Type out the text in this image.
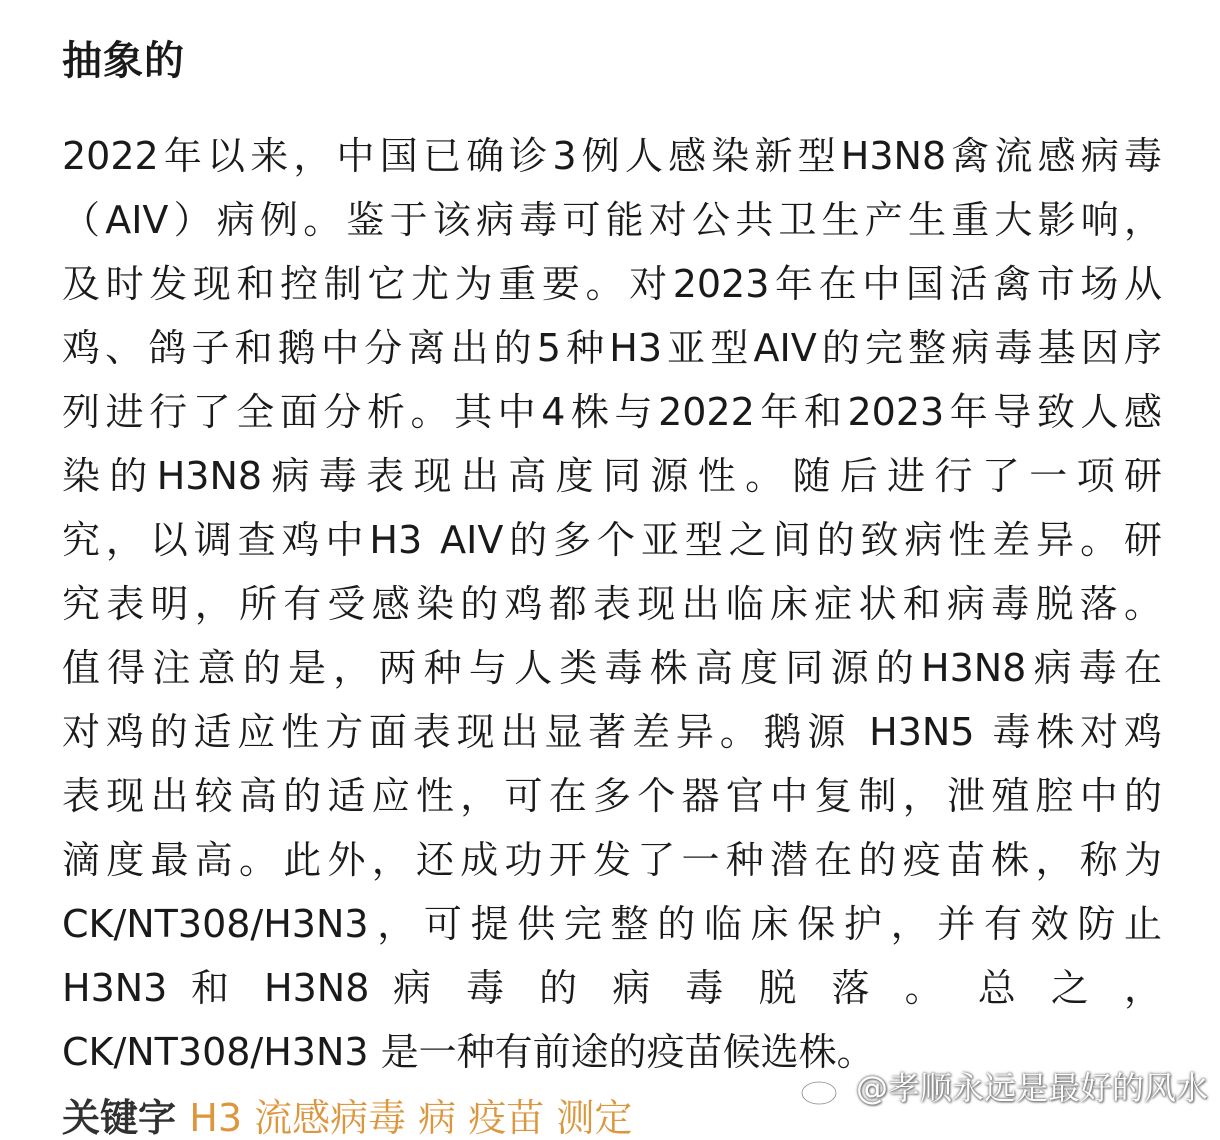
抽象的
2022年以来，中国已确诊3例人感染新型H3N8禽流感病毒
（AIV）病例。鉴于该病毒可能对公共卫生产生重大影响，
及时发现和控制它尤为重要。对2023年在中国活禽市场从
鸡、鸽子和鹅中分离出的5种H3亚型AIV的完整病毒基因序
列进行了全面分析。其中4株与2022年和2023年导致人感
染的H3N8病毒表现出高度同源性。随后进行了一项研
究，以调查鸡中H3 AIV的多个亚型之间的致病性差异。研
究表明，所有受感染的鸡都表现出临床症状和病毒脱落。
值得注意的是，两种与人类毒株高度同源的H3N8病毒在
对鸡的适应性方面表现出显著差异。鹅源 H3N5 毒株对鸡
表现出较高的适应性，可在多个器官中复制，泄殖腔中的
滴度最高。此外，还成功开发了一种潜在的疫苗株，称为
CK/NT308/H3N3，可提供完整的临床保护，并有效防止
H3N3 和 H3N8 病 毒 的 病 毒 脱 落 。 总 之 ，
CK/NT308/H3N3 是一种有前途的疫苗候选株。
关键字 H3 流感病毒 病 疫苗 测定
@孝顺永远是最好的风水
